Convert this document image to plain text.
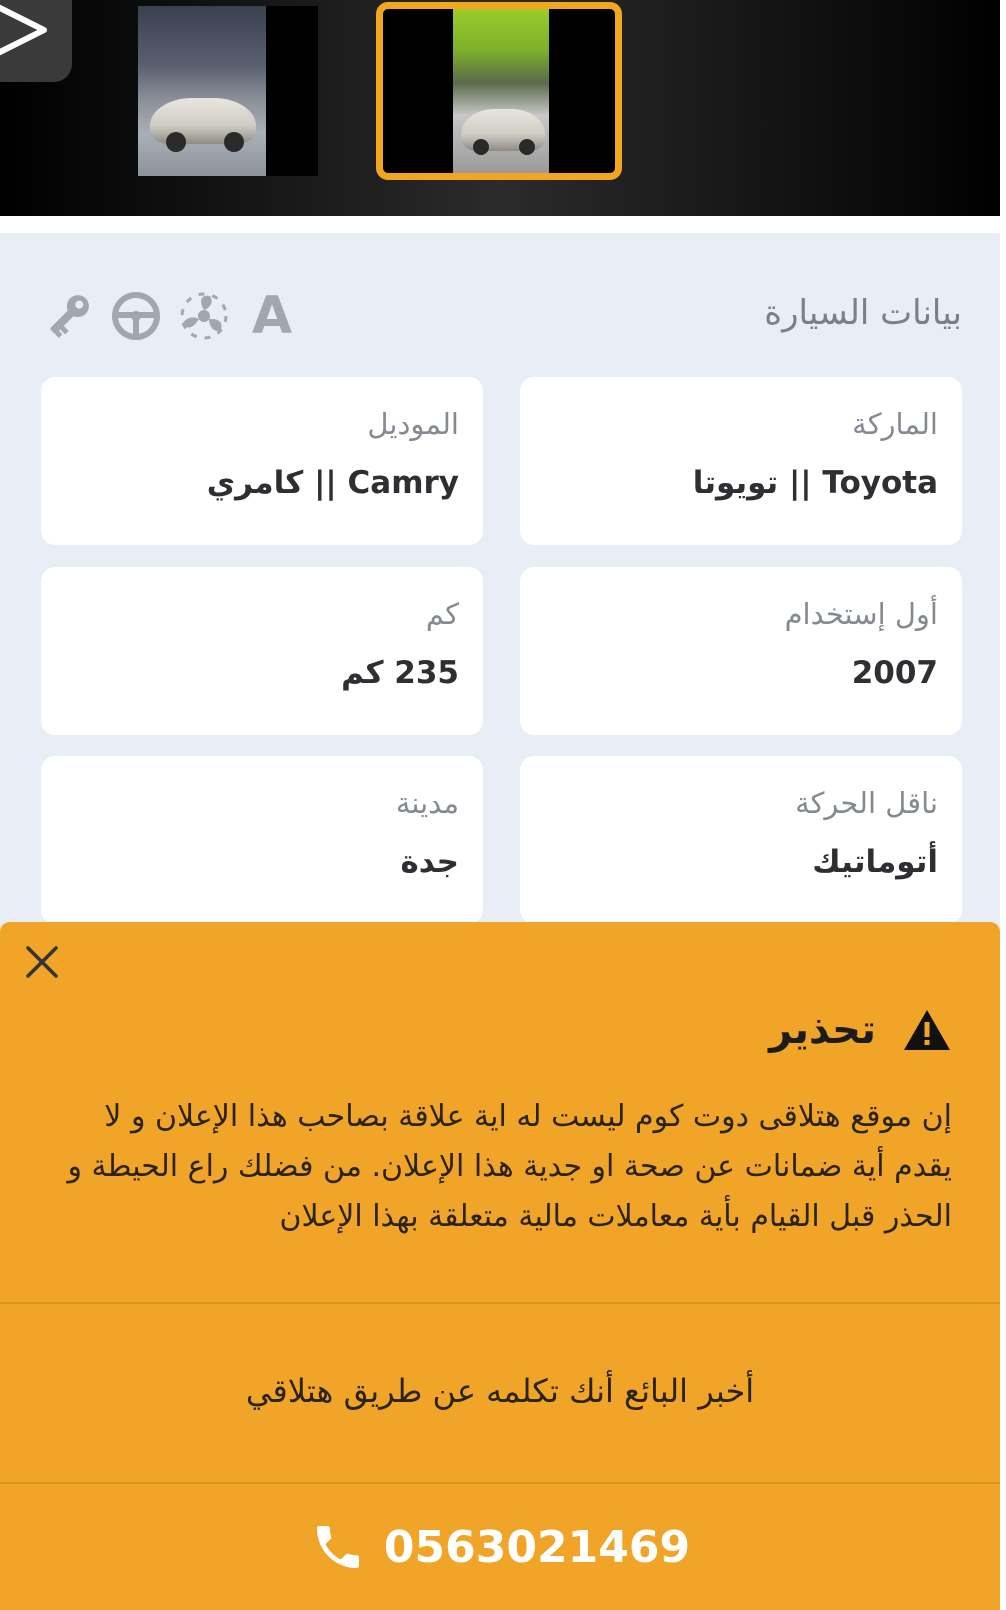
بيانات السيارة
A
الماركة
Toyota || تويوتا
الموديل
Camry || كامري
أول إستخدام
2007
كم
235 كم
ناقل الحركة
أتوماتيك
مدينة
جدة
تحذير
إن موقع هتلاقى دوت كوم ليست له اية علاقة بصاحب هذا الإعلان و لا يقدم أية ضمانات عن صحة او جدية هذا الإعلان. من فضلك راع الحيطة و الحذر قبل القيام بأية معاملات مالية متعلقة بهذا الإعلان
أخبر البائع أنك تكلمه عن طريق هتلاقي
0563021469
